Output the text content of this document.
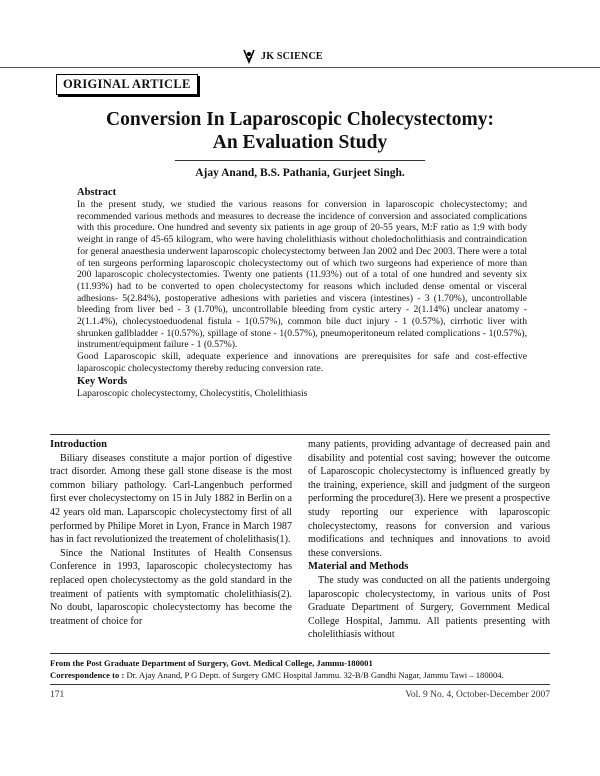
JK SCIENCE
ORIGINAL ARTICLE
Conversion In Laparoscopic Cholecystectomy:
An Evaluation Study
Ajay Anand, B.S. Pathania, Gurjeet Singh.
Abstract

In the present study, we studied the various reasons for conversion in laparoscopic cholecystectomy; and recommended various methods and measures to decrease the incidence of conversion and associated complications with this procedure. One hundred and seventy six patients in age group of 20-55 years, M:F ratio as 1:9 with body weight in range of 45-65 kilogram, who were having cholelithiasis without choledocholithiasis and contraindication for general anaesthesia underwent laparoscopic cholecystectomy between Jan 2002 and Dec 2003. There were a total of ten surgeons performing laparoscopic cholecystectomy out of which two surgeons had experience of more than 200 laparoscopic cholecystectomies. Twenty one patients (11.93%) out of a total of one hundred and seventy six (11.93%) had to be converted to open cholecystectomy for reasons which included dense omental or visceral adhesions- 5(2.84%), postoperative adhesions with parieties and viscera (intestines) - 3 (1.70%), uncontrollable bleeding from liver bed - 3 (1.70%), uncontrollable bleeding from cystic artery - 2(1.14%) unclear anatomy - 2(1.1.4%), cholecystoeduodenal fistula - 1(0.57%), common bile duct injury - 1 (0.57%), cirrhotic liver with shrunken gallbladder - 1(0.57%), spillage of stone - 1(0.57%), pneumoperitoneum related complications - 1(0.57%), instrument/equipment failure - 1 (0.57%).

Good Laparoscopic skill, adequate experience and innovations are prerequisites for safe and cost-effective laparoscopic cholecystectomy thereby reducing conversion rate.

Key Words

Laparoscopic cholecystectomy, Cholecystitis, Cholelithiasis

Introduction

Biliary diseases constitute a major portion of digestive tract disorder. Among these gall stone disease is the most common biliary pathology. Carl-Langenbuch performed first ever cholecystectomy on 15 in July 1882 in Berlin on a 42 years old man. Laparscopic cholecystectomy first of all performed by Philipe Moret in Lyon, France in March 1987 has in fact revolutionized the treatement of cholelithasis(1).

Since the National Institutes of Health Consensus Conference in 1993, laparoscopic cholecystectomy has replaced open cholecystectomy as the gold standard in the treatment of patients with symptomatic cholelithiasis(2). No doubt, laparoscopic cholecystectomy has become the treatment of choice for

many patients, providing advantage of decreased pain and disability and potential cost saving; however the outcome of Laparoscopic cholecystectomy is influenced greatly by the training, experience, skill and judgment of the surgeon performing the procedure(3). Here we present a prospective study reporting our experience with laparoscopic cholecystectomy, reasons for conversion and various modifications and techniques and innovations to avoid these conversions.

Material and Methods

The study was conducted on all the patients undergoing laparoscopic cholecystectomy, in various units of Post Graduate Department of Surgery, Government Medical College Hospital, Jammu. All patients presenting with cholelithiasis without

From the Post Graduate Department of Surgery, Govt. Medical College, Jammu-180001
Correspondence to : Dr. Ajay Anand, P G Deptt. of Surgery GMC Hospital Jammu. 32-B/B Gandhi Nagar, Jammu Tawi – 180004.
171	Vol. 9 No. 4, October-December 2007
